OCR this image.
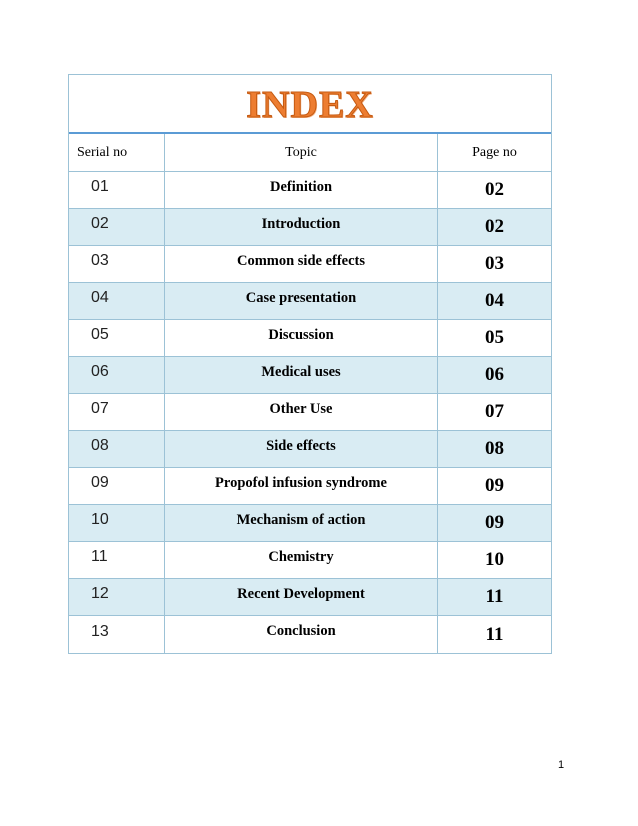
INDEX
Serial no	Topic	Page no
01	Definition	02
02	Introduction	02
03	Common side effects	03
04	Case presentation	04
05	Discussion	05
06	Medical uses	06
07	Other Use	07
08	Side effects	08
09	Propofol infusion syndrome	09
10	Mechanism of action	09
11	Chemistry	10
12	Recent Development	11
13	Conclusion	11
1
